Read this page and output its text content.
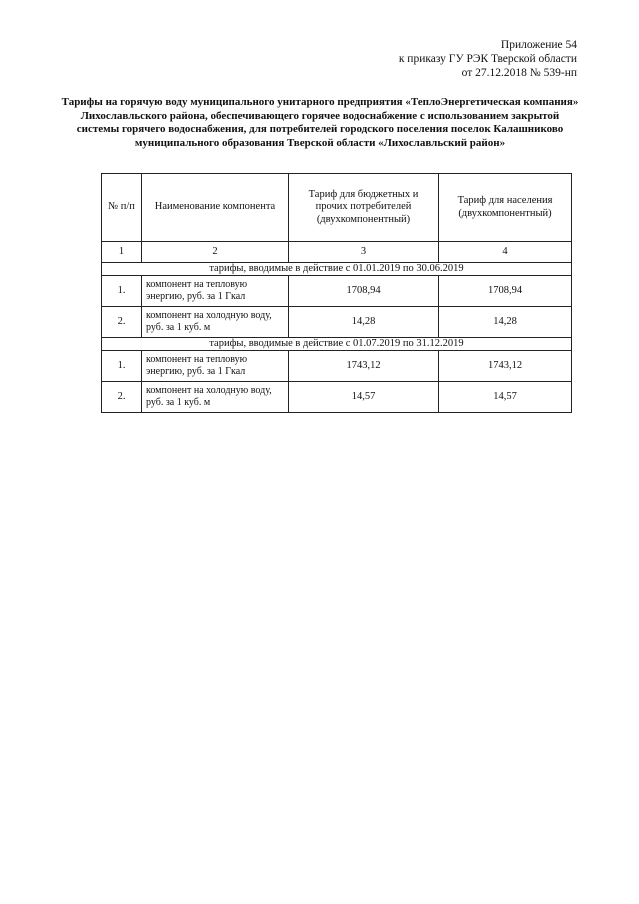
Приложение 54
к приказу ГУ РЭК Тверской области
от 27.12.2018 № 539-нп
Тарифы на горячую воду муниципального унитарного предприятия «ТеплоЭнергетическая компания» Лихославльского района, обеспечивающего горячее водоснабжение с использованием закрытой системы горячего водоснабжения, для потребителей городского поселения поселок Калашниково муниципального образования Тверской области «Лихославльский район»
№ п/п	Наименование компонента	Тариф для бюджетных и прочих потребителей (двухкомпонентный)	Тариф для населения (двухкомпонентный)
1	2	3	4
тарифы, вводимые в действие с 01.01.2019 по 30.06.2019			
1.	компонент на тепловую энергию, руб. за 1 Гкал	1708,94	1708,94
2.	компонент на холодную воду, руб. за 1 куб. м	14,28	14,28
тарифы, вводимые в действие с 01.07.2019 по 31.12.2019			
1.	компонент на тепловую энергию, руб. за 1 Гкал	1743,12	1743,12
2.	компонент на холодную воду, руб. за 1 куб. м	14,57	14,57
